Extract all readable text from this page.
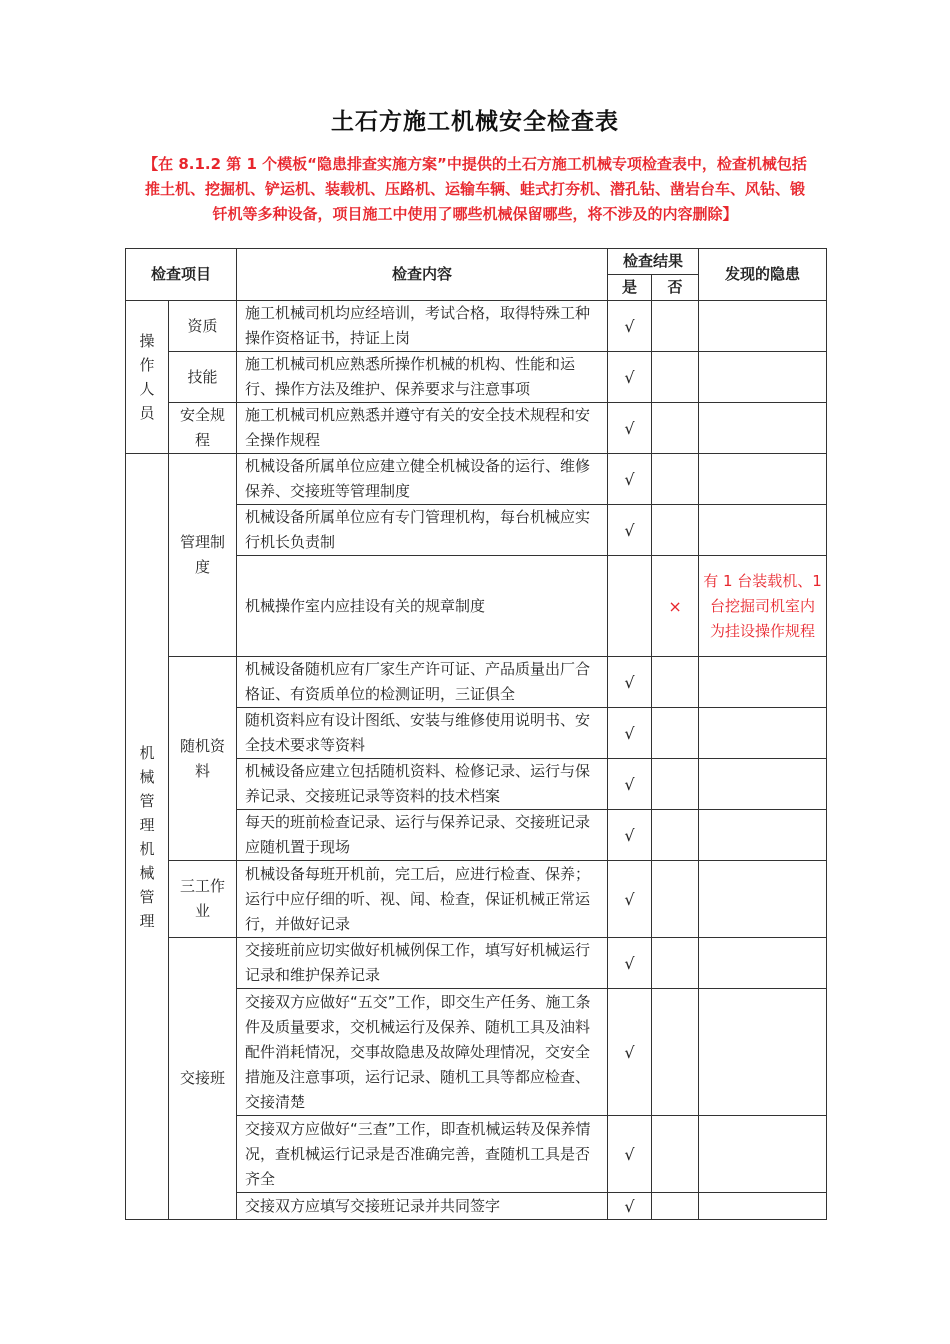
土石方施工机械安全检查表
【在 8.1.2 第 1 个模板“隐患排查实施方案”中提供的土石方施工机械专项检查表中，检查机械包括推土机、挖掘机、铲运机、装载机、压路机、运输车辆、蛙式打夯机、潜孔钻、凿岩台车、风钻、锻钎机等多种设备，项目施工中使用了哪些机械保留哪些，将不涉及的内容删除】
检查项目		检查内容	检查结果		发现的隐患
			是	否	

操作人员	资质	施工机械司机均应经培训，考试合格，取得特殊工种操作资格证书，持证上岗	√		
	技能	施工机械司机应熟悉所操作机械的机构、性能和运行、操作方法及维护、保养要求与注意事项	√		

	安全规程	施工机械司机应熟悉并遵守有关的安全技术规程和安全操作规程	√		

机械管理机械管理	管理制度	机械设备所属单位应建立健全机械设备的运行、维修保养、交接班等管理制度	√		
		机械设备所属单位应有专门管理机构，每台机械应实行机长负责制	√		
		机械操作室内应挂设有关的规章制度		×	有 1 台装载机、1 台挖掘司机室内为挂设操作规程

	随机资料	机械设备随机应有厂家生产许可证、产品质量出厂合格证、有资质单位的检测证明，三证俱全	√		
		随机资料应有设计图纸、安装与维修使用说明书、安全技术要求等资料	√		
		机械设备应建立包括随机资料、检修记录、运行与保养记录、交接班记录等资料的技术档案	√		
		每天的班前检查记录、运行与保养记录、交接班记录应随机置于现场	√		

	三工作业	机械设备每班开机前，完工后，应进行检查、保养；运行中应仔细的听、视、闻、检查，保证机械正常运行，并做好记录	√		
	交接班	交接班前应切实做好机械例保工作，填写好机械运行记录和维护保养记录	√		
		交接双方应做好“五交”工作，即交生产任务、施工条件及质量要求，交机械运行及保养、随机工具及油料配件消耗情况，交事故隐患及故障处理情况，交安全措施及注意事项，运行记录、随机工具等都应检查、交接清楚	√		
		交接双方应做好“三查”工作，即查机械运转及保养情况，查机械运行记录是否准确完善，查随机工具是否齐全	√		
		交接双方应填写交接班记录并共同签字	√		
